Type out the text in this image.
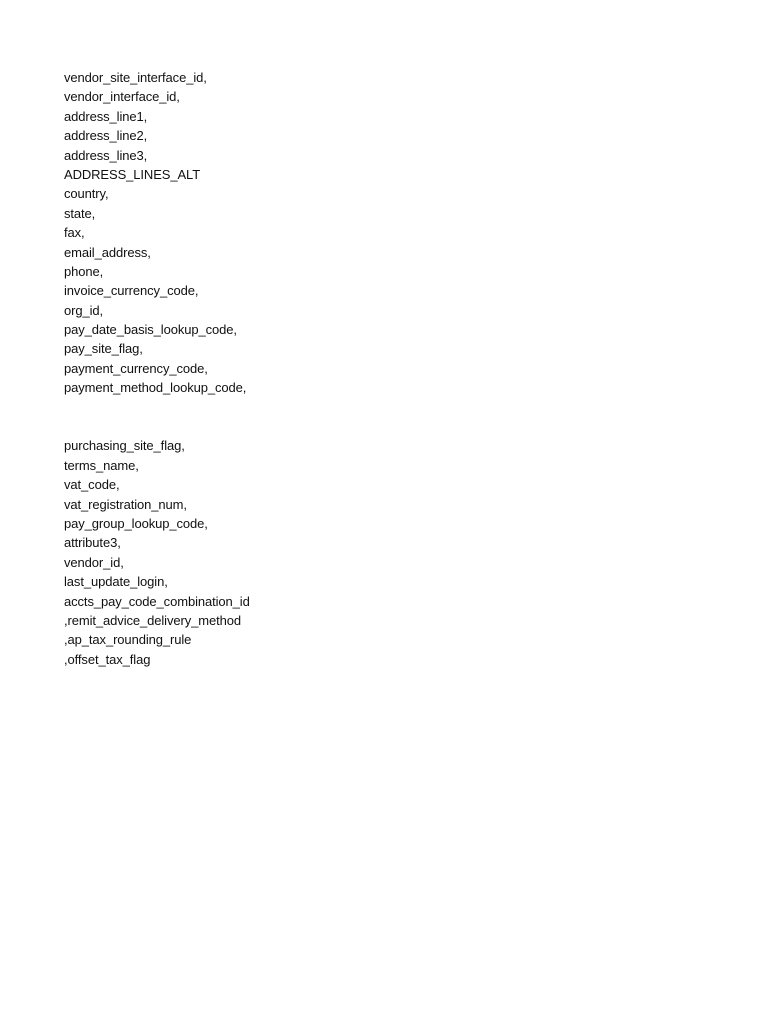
vendor_site_interface_id,
vendor_interface_id,
address_line1,
address_line2,
address_line3,
ADDRESS_LINES_ALT
country,
state,
fax,
email_address,
phone,
invoice_currency_code,
org_id,
pay_date_basis_lookup_code,
pay_site_flag,
payment_currency_code,
payment_method_lookup_code,
purchasing_site_flag,
terms_name,
vat_code,
vat_registration_num,
pay_group_lookup_code,
attribute3,
vendor_id,
last_update_login,
accts_pay_code_combination_id
,remit_advice_delivery_method
,ap_tax_rounding_rule
,offset_tax_flag
